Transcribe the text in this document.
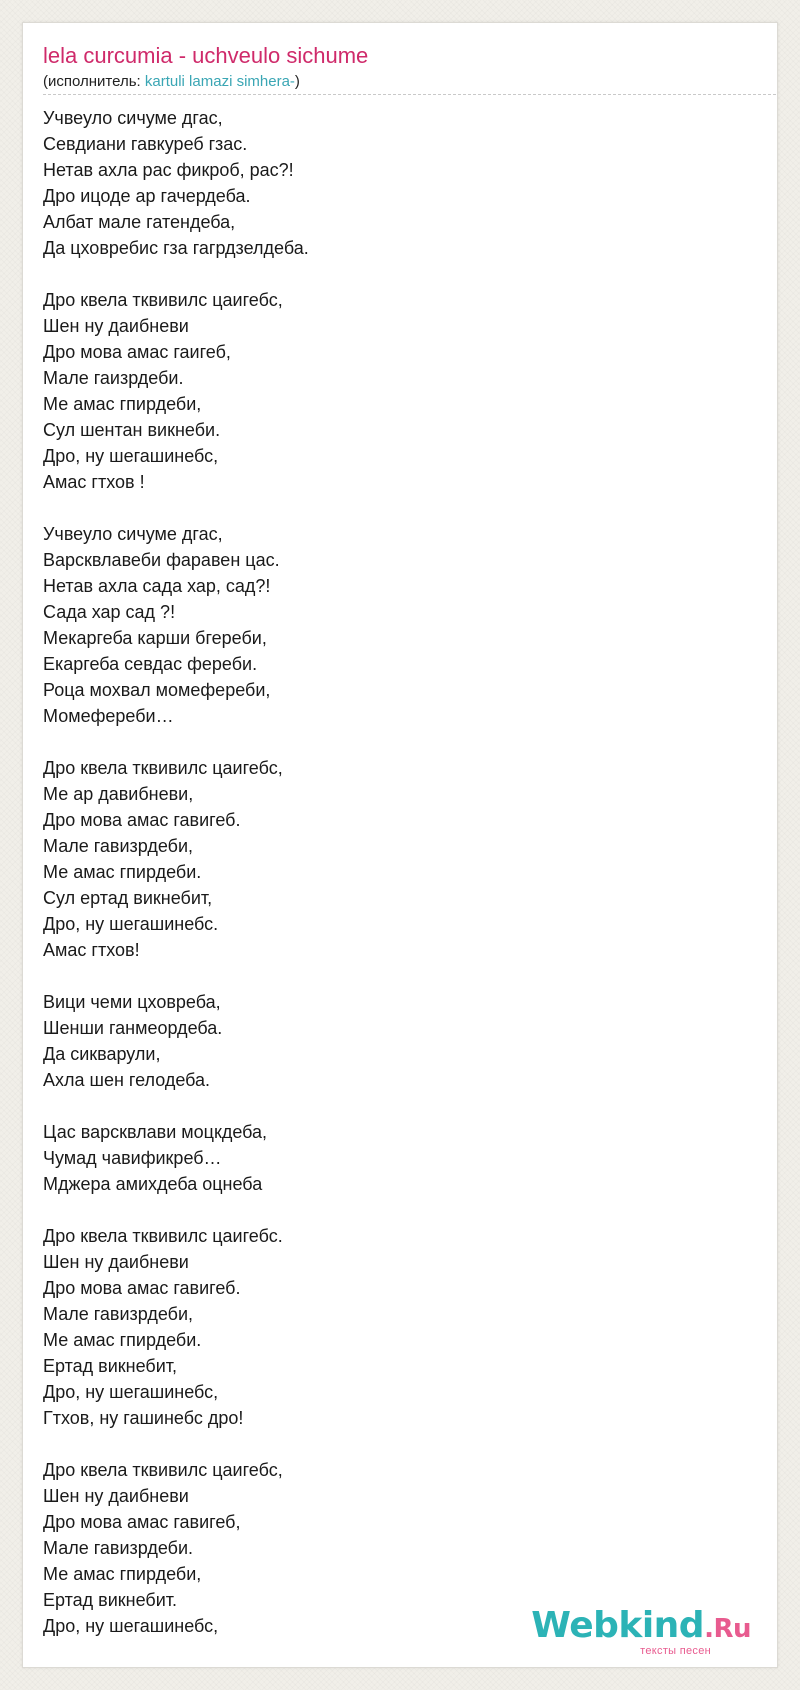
lela curcumia - uchveulo sichume
(исполнитель: kartuli lamazi simhera-)
Учвеуло сичуме дгас,
Севдиани гавкуреб гзас.
Нетав ахла рас фикроб, рас?!
Дро ицоде ар гачердеба.
Албат мале гатендеба,
Да цховребис гза гагрдзелдеба.
Дро квела тквивилс цаигебс,
Шен ну даибневи
Дро мова амас гаигеб,
Мале гаизрдеби.
Ме амас гпирдеби,
Сул шентан викнеби.
Дро, ну шегашинебс,
Амас гтхов !
Учвеуло сичуме дгас,
Варсквлавеби фаравен цас.
Нетав ахла сада хар, сад?!
Сада хар сад ?!
Мекаргеба карши бгереби,
Екаргеба севдас фереби.
Роца мохвал момефереби,
Момефереби…
Дро квела тквивилс цаигебс,
Ме ар давибневи,
Дро мова амас гавигеб.
Мале гавизрдеби,
Ме амас гпирдеби.
Сул ертад викнебит,
Дро, ну шегашинебс.
Амас гтхов!
Вици чеми цховреба,
Шенши ганмеордеба.
Да сикварули,
Ахла шен гелодеба.
Цас варсквлави моцкдеба,
Чумад чавификреб…
Мджера амихдеба оцнеба
Дро квела тквивилс цаигебс.
Шен ну даибневи
Дро мова амас гавигеб.
Мале гавизрдеби,
Ме амас гпирдеби.
Ертад викнебит,
Дро, ну шегашинебс,
Гтхов, ну гашинебс дро!
Дро квела тквивилс цаигебс,
Шен ну даибневи
Дро мова амас гавигеб,
Мале гавизрдеби.
Ме амас гпирдеби,
Ертад викнебит.
Дро, ну шегашинебс,	Webkind.Ru
тексты песен
